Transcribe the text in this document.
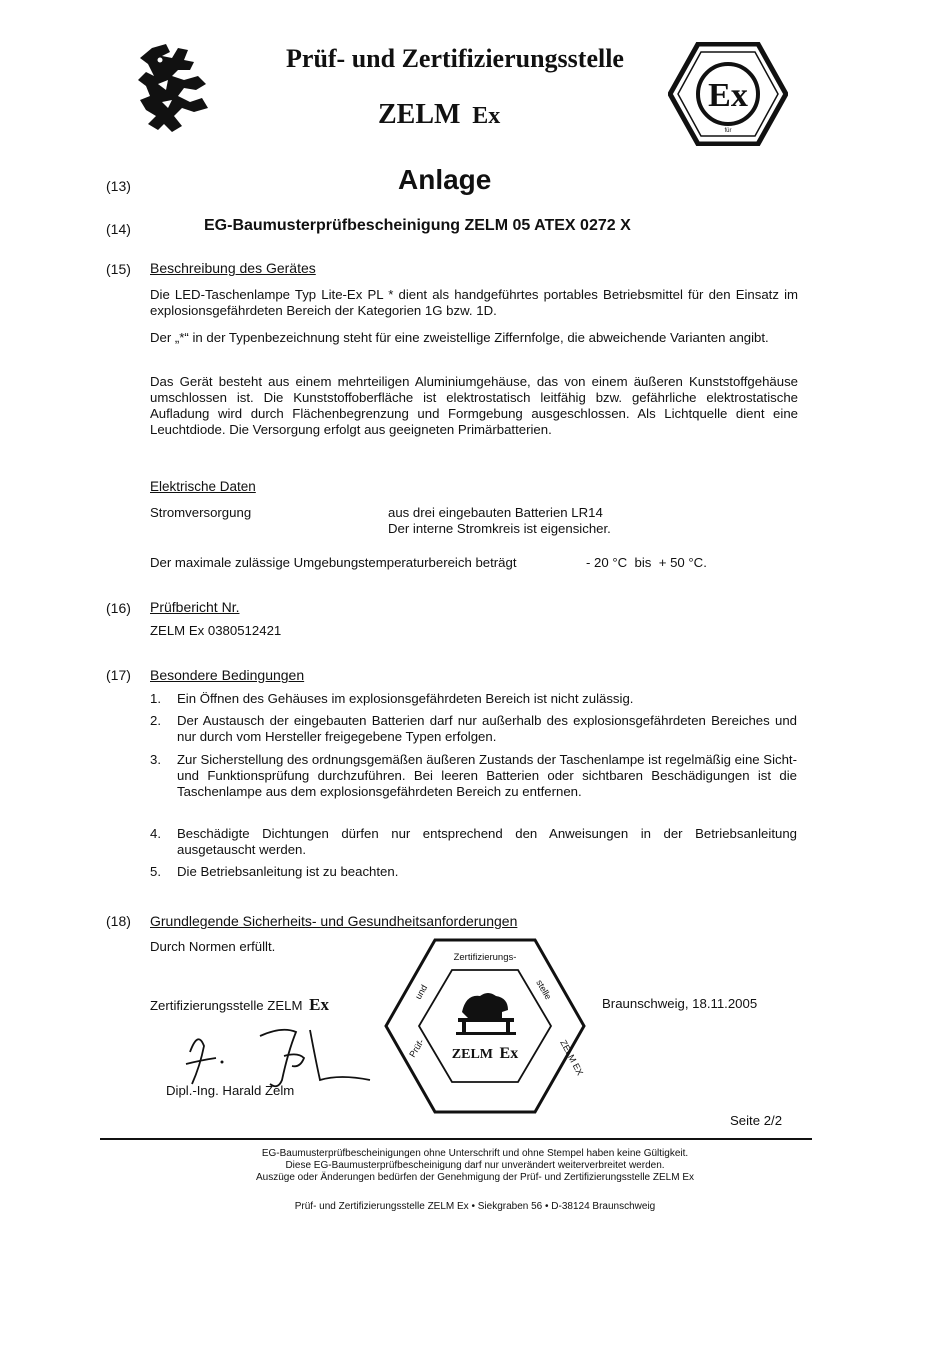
Prüf- und Zertifizierungsstelle
ZELM Ex
Ex
für
(13)	Anlage
(14)	EG-Baumusterprüfbescheinigung ZELM 05 ATEX 0272 X
(15) Beschreibung des Gerätes
Die LED-Taschenlampe Typ Lite-Ex PL * dient als handgeführtes portables Betriebsmittel für den Einsatz im explosionsgefährdeten Bereich der Kategorien 1G bzw. 1D.
Der „*“ in der Typenbezeichnung steht für eine zweistellige Ziffernfolge, die abweichende Varianten angibt.
Das Gerät besteht aus einem mehrteiligen Aluminiumgehäuse, das von einem äußeren Kunststoffgehäuse umschlossen ist. Die Kunststoffoberfläche ist elektrostatisch leitfähig bzw. gefährliche elektrostatische Aufladung wird durch Flächenbegrenzung und Formgebung ausgeschlossen. Als Lichtquelle dient eine Leuchtdiode. Die Versorgung erfolgt aus geeigneten Primärbatterien.
Elektrische Daten
Stromversorgung	aus drei eingebauten Batterien LR14
Der interne Stromkreis ist eigensicher.
Der maximale zulässige Umgebungstemperaturbereich beträgt	- 20 °C  bis  + 50 °C.
(16) Prüfbericht Nr.
ZELM Ex 0380512421
(17) Besondere Bedingungen
1. Ein Öffnen des Gehäuses im explosionsgefährdeten Bereich ist nicht zulässig.
2. Der Austausch der eingebauten Batterien darf nur außerhalb des explosionsgefährdeten Bereiches und nur durch vom Hersteller freigegebene Typen erfolgen.
3. Zur Sicherstellung des ordnungsgemäßen äußeren Zustands der Taschenlampe ist regelmäßig eine Sicht- und Funktionsprüfung durchzuführen. Bei leeren Batterien oder sichtbaren Beschädigungen ist die Taschenlampe aus dem explosionsgefährdeten Bereich zu entfernen.
4. Beschädigte Dichtungen dürfen nur entsprechend den Anweisungen in der Betriebsanleitung ausgetauscht werden.
5. Die Betriebsanleitung ist zu beachten.
(18) Grundlegende Sicherheits- und Gesundheitsanforderungen
Durch Normen erfüllt.
Zertifizierungsstelle ZELM Ex
Dipl.-Ing. Harald Zelm
Zertifizierungs-
Prüf-
und	stelle
ZELM EX
ZELM Ex
Braunschweig, 18.11.2005
Seite 2/2
EG-Baumusterprüfbescheinigungen ohne Unterschrift und ohne Stempel haben keine Gültigkeit.
Diese EG-Baumusterprüfbescheinigung darf nur unverändert weiterverbreitet werden.
Auszüge oder Änderungen bedürfen der Genehmigung der Prüf- und Zertifizierungsstelle ZELM Ex
Prüf- und Zertifizierungsstelle ZELM Ex • Siekgraben 56 • D-38124 Braunschweig
